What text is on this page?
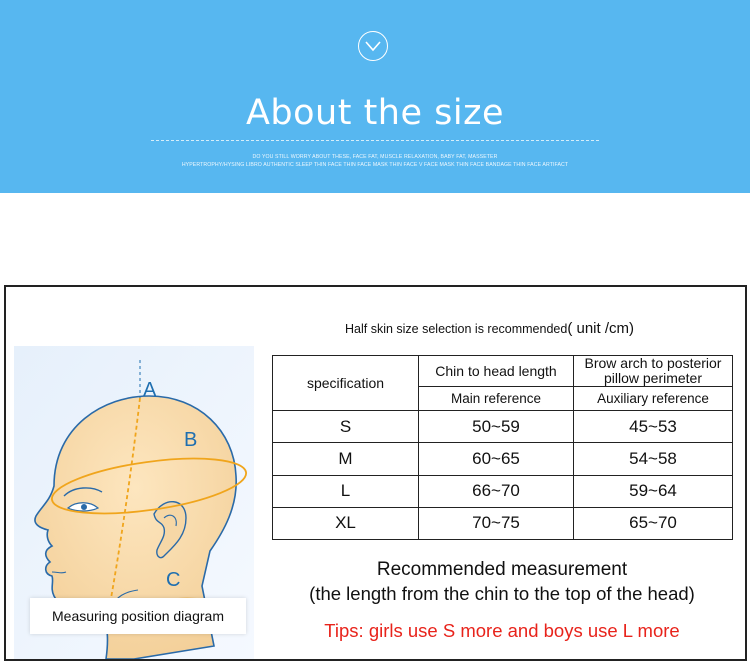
About the size
DO YOU STILL WORRY ABOUT THESE, FACE FAT, MUSCLE RELAXATION, BABY FAT, MASSETER
HYPERTROPHY/HYSING LIBRO AUTHENTIC SLEEP THIN FACE THIN FACE MASK THIN FACE V FACE MASK THIN FACE BANDAGE THIN FACE ARTIFACT
A
B
C
Measuring position diagram
Half skin size selection is recommended( unit /cm)
specification	Chin to head length	Brow arch to posterior pillow perimeter
	Main reference	Auxiliary reference
S	50~59	45~53
M	60~65	54~58
L	66~70	59~64
XL	70~75	65~70
Recommended measurement
(the length from the chin to the top of the head)
Tips: girls use S more and boys use L more
